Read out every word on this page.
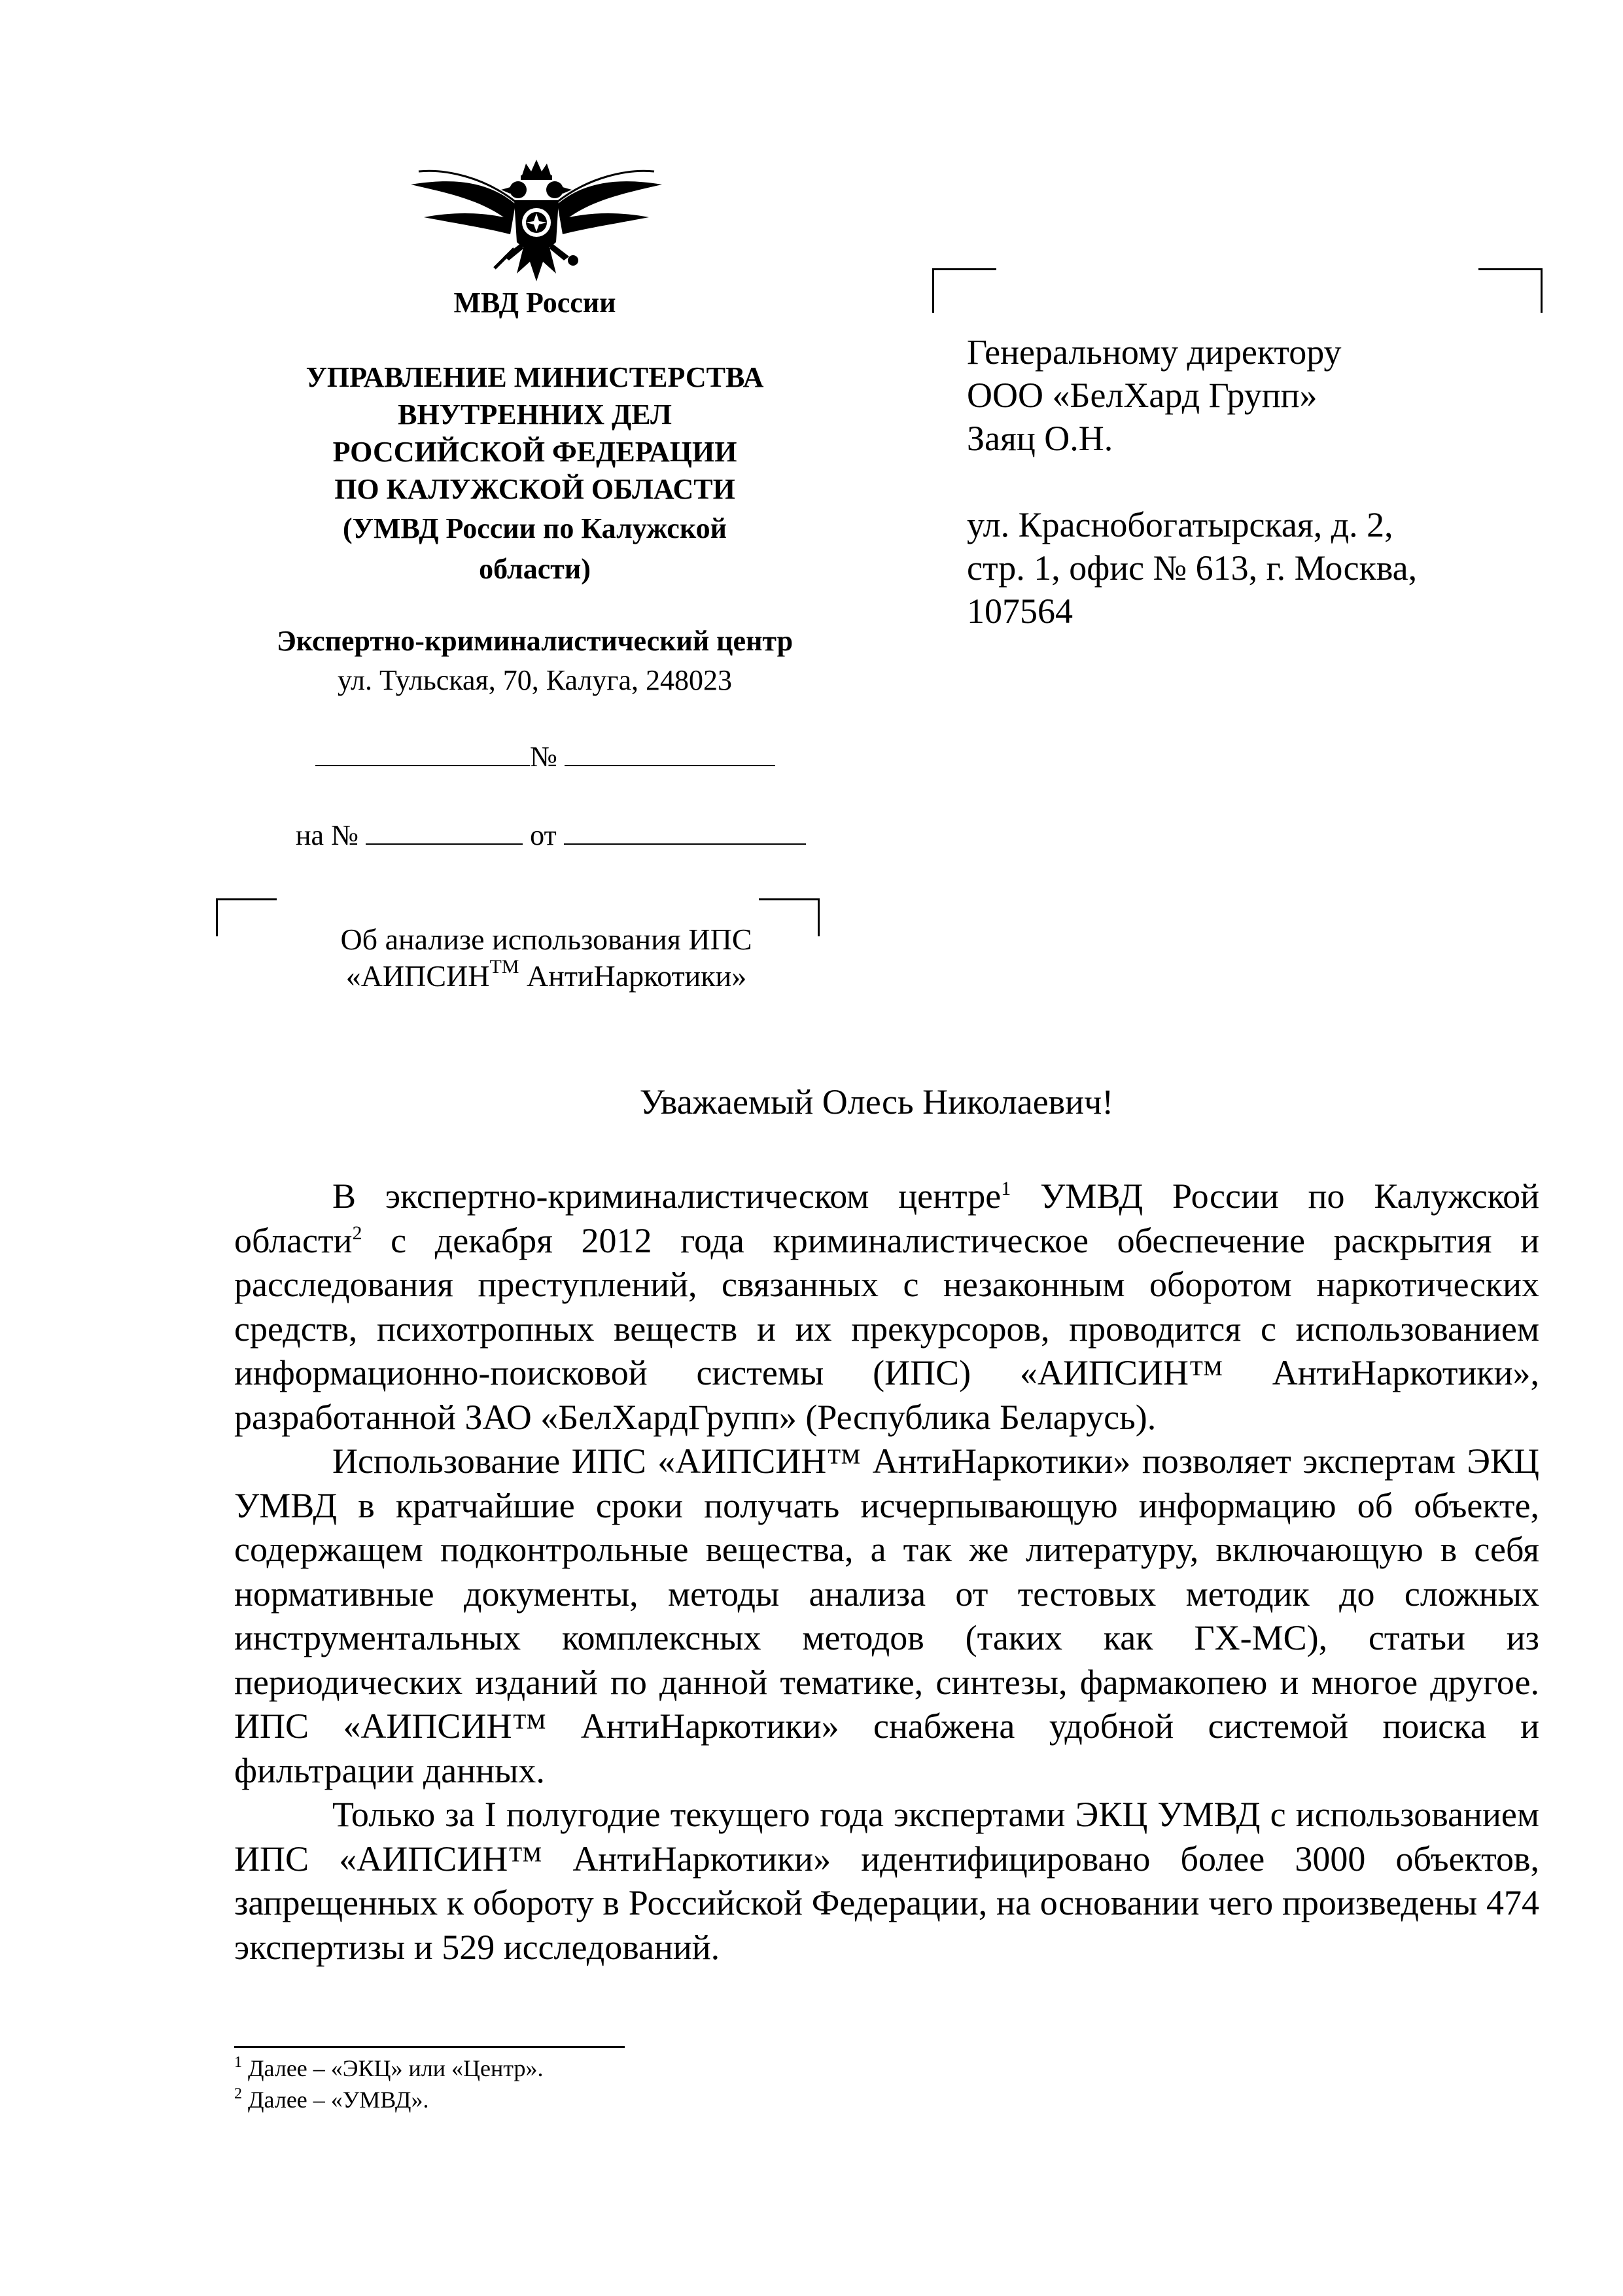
МВД России
УПРАВЛЕНИЕ МИНИСТЕРСТВА
ВНУТРЕННИХ ДЕЛ
РОССИЙСКОЙ ФЕДЕРАЦИИ
ПО КАЛУЖСКОЙ ОБЛАСТИ
(УМВД России по Калужской
области)
Экспертно-криминалистический центр
ул. Тульская, 70, Калуга, 248023
№
на №	от
Генеральному директору
ООО «БелХард Групп»
Заяц О.Н.
ул. Краснобогатырская, д. 2,
стр. 1, офис № 613, г. Москва,
107564
Об анализе использования ИПС
«АИПСИН™ АнтиНаркотики»
Уважаемый Олесь Николаевич!

В экспертно-криминалистическом центре$^1$ УМВД России по Калужской области$^2$ с декабря 2012 года криминалистическое обеспечение раскрытия и расследования преступлений, связанных с незаконным оборотом наркотических средств, психотропных веществ и их прекурсоров, проводится с использованием информационно-поисковой системы (ИПС) «АИПСИН™ АнтиНаркотики», разработанной ЗАО «БелХардГрупп» (Республика Беларусь).

Использование ИПС «АИПСИН™ АнтиНаркотики» позволяет экспертам ЭКЦ УМВД в кратчайшие сроки получать исчерпывающую информацию об объекте, содержащем подконтрольные вещества, а так же литературу, включающую в себя нормативные документы, методы анализа от тестовых методик до сложных инструментальных комплексных методов (таких как ГХ-МС), статьи из периодических изданий по данной тематике, синтезы, фармакопею и многое другое. ИПС «АИПСИН™ АнтиНаркотики» снабжена удобной системой поиска и фильтрации данных.

Только за I полугодие текущего года экспертами ЭКЦ УМВД с использованием ИПС «АИПСИН™ АнтиНаркотики» идентифицировано более 3000 объектов, запрещенных к обороту в Российской Федерации, на основании чего произведены 474 экспертизы и 529 исследований.

$^1$ Далее – «ЭКЦ» или «Центр».
$^2$ Далее – «УМВД».
